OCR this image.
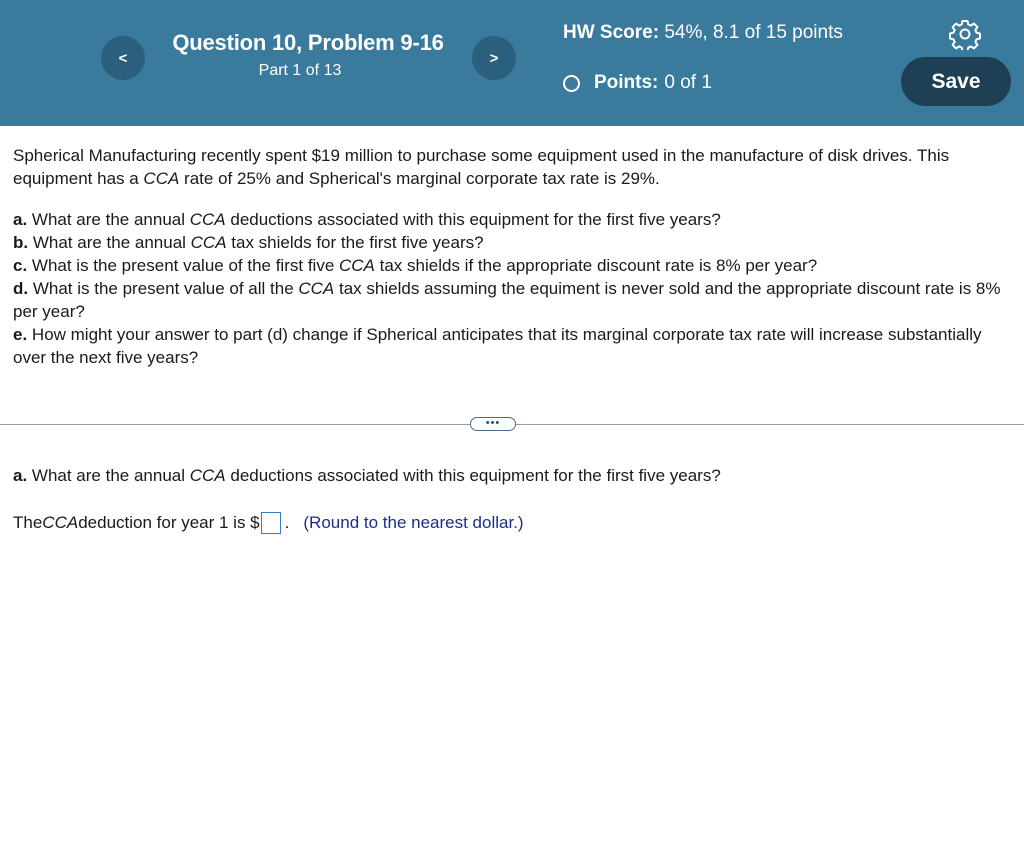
<
Question 10, Problem 9-16
Part 1 of 13
>
HW Score: 54%, 8.1 of 15 points
Points: 0 of 1	Save

Spherical Manufacturing recently spent $19 million to purchase some equipment used in the manufacture of disk drives. This equipment has a CCA rate of 25% and Spherical's marginal corporate tax rate is 29%.

a. What are the annual CCA deductions associated with this equipment for the first five years?

b. What are the annual CCA tax shields for the first five years?

c. What is the present value of the first five CCA tax shields if the appropriate discount rate is 8% per year?

d. What is the present value of all the CCA tax shields assuming the equiment is never sold and the appropriate discount rate is 8% per year?

e. How might your answer to part (d) change if Spherical anticipates that its marginal corporate tax rate will increase substantially over the next five years?

•••
a. What are the annual CCA deductions associated with this equipment for the first five years?
The CCA deduction for year 1 is $ . (Round to the nearest dollar.)
